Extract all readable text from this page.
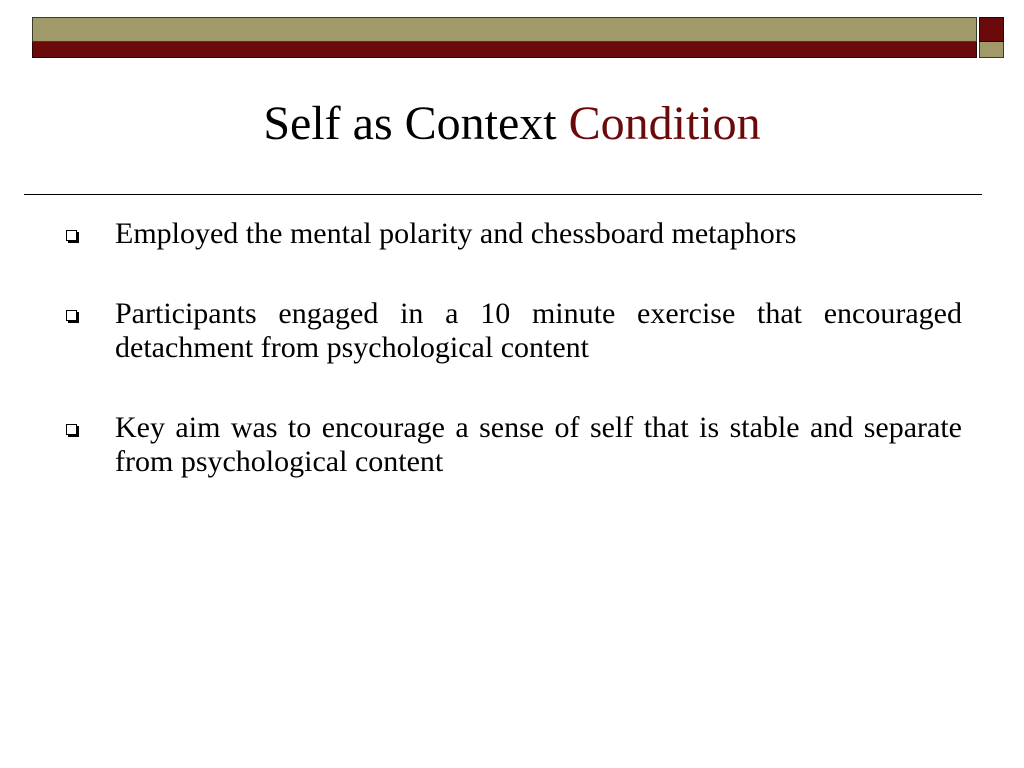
Self as Context Condition
Employed the mental polarity and chessboard metaphors
Participants engaged in a 10 minute exercise that encouraged detachment from psychological content
Key aim was to encourage a sense of self that is stable and separate from psychological content
